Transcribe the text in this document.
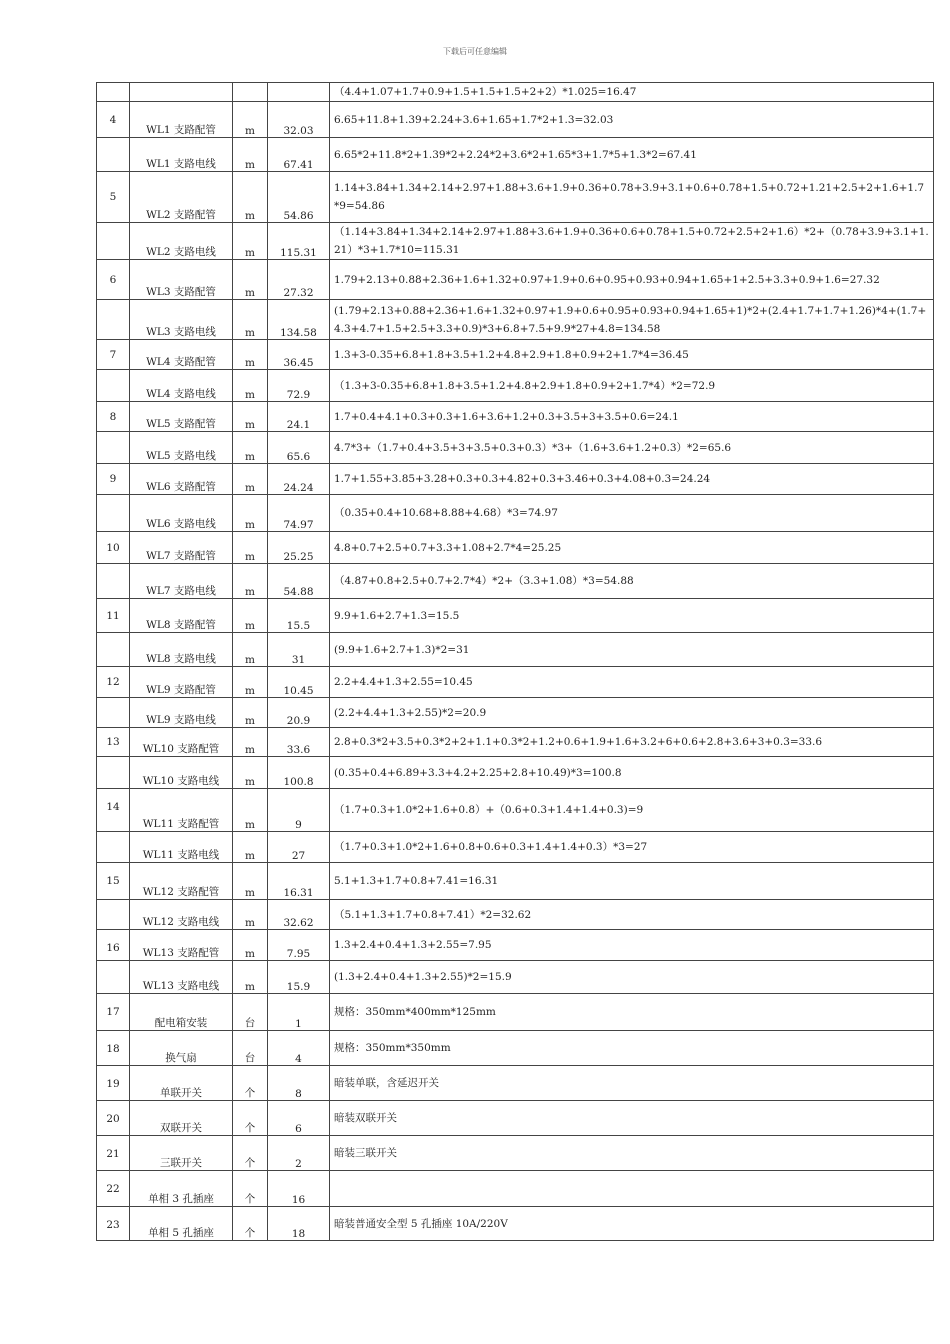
下载后可任意编辑
				（4.4+1.07+1.7+0.9+1.5+1.5+1.5+2+2）*1.025=16.47
4	WL1 支路配管	m	32.03	6.65+11.8+1.39+2.24+3.6+1.65+1.7*2+1.3=32.03
	WL1 支路电线	m	67.41	6.65*2+11.8*2+1.39*2+2.24*2+3.6*2+1.65*3+1.7*5+1.3*2=67.41
5	WL2 支路配管	m	54.86	1.14+3.84+1.34+2.14+2.97+1.88+3.6+1.9+0.36+0.78+3.9+3.1+0.6+0.78+1.5+0.72+1.21+2.5+2+1.6+1.7*9=54.86
	WL2 支路电线	m	115.31	（1.14+3.84+1.34+2.14+2.97+1.88+3.6+1.9+0.36+0.6+0.78+1.5+0.72+2.5+2+1.6）*2+（0.78+3.9+3.1+1.21）*3+1.7*10=115.31
6	WL3 支路配管	m	27.32	1.79+2.13+0.88+2.36+1.6+1.32+0.97+1.9+0.6+0.95+0.93+0.94+1.65+1+2.5+3.3+0.9+1.6=27.32
	WL3 支路电线	m	134.58	(1.79+2.13+0.88+2.36+1.6+1.32+0.97+1.9+0.6+0.95+0.93+0.94+1.65+1)*2+(2.4+1.7+1.7+1.26)*4+(1.7+4.3+4.7+1.5+2.5+3.3+0.9)*3+6.8+7.5+9.9*27+4.8=134.58
7	WL4 支路配管	m	36.45	1.3+3-0.35+6.8+1.8+3.5+1.2+4.8+2.9+1.8+0.9+2+1.7*4=36.45
	WL4 支路电线	m	72.9	（1.3+3-0.35+6.8+1.8+3.5+1.2+4.8+2.9+1.8+0.9+2+1.7*4）*2=72.9
8	WL5 支路配管	m	24.1	1.7+0.4+4.1+0.3+0.3+1.6+3.6+1.2+0.3+3.5+3+3.5+0.6=24.1
	WL5 支路电线	m	65.6	4.7*3+（1.7+0.4+3.5+3+3.5+0.3+0.3）*3+（1.6+3.6+1.2+0.3）*2=65.6
9	WL6 支路配管	m	24.24	1.7+1.55+3.85+3.28+0.3+0.3+4.82+0.3+3.46+0.3+4.08+0.3=24.24
	WL6 支路电线	m	74.97	（0.35+0.4+10.68+8.88+4.68）*3=74.97
10	WL7 支路配管	m	25.25	4.8+0.7+2.5+0.7+3.3+1.08+2.7*4=25.25
	WL7 支路电线	m	54.88	（4.87+0.8+2.5+0.7+2.7*4）*2+（3.3+1.08）*3=54.88
11	WL8 支路配管	m	15.5	9.9+1.6+2.7+1.3=15.5
	WL8 支路电线	m	31	(9.9+1.6+2.7+1.3)*2=31
12	WL9 支路配管	m	10.45	2.2+4.4+1.3+2.55=10.45
	WL9 支路电线	m	20.9	(2.2+4.4+1.3+2.55)*2=20.9
13	WL10 支路配管	m	33.6	2.8+0.3*2+3.5+0.3*2+2+1.1+0.3*2+1.2+0.6+1.9+1.6+3.2+6+0.6+2.8+3.6+3+0.3=33.6
	WL10 支路电线	m	100.8	(0.35+0.4+6.89+3.3+4.2+2.25+2.8+10.49)*3=100.8
14	WL11 支路配管	m	9	（1.7+0.3+1.0*2+1.6+0.8）+（0.6+0.3+1.4+1.4+0.3)=9
	WL11 支路电线	m	27	（1.7+0.3+1.0*2+1.6+0.8+0.6+0.3+1.4+1.4+0.3）*3=27
15	WL12 支路配管	m	16.31	5.1+1.3+1.7+0.8+7.41=16.31
	WL12 支路电线	m	32.62	（5.1+1.3+1.7+0.8+7.41）*2=32.62
16	WL13 支路配管	m	7.95	1.3+2.4+0.4+1.3+2.55=7.95
	WL13 支路电线	m	15.9	(1.3+2.4+0.4+1.3+2.55)*2=15.9
17	配电箱安装	台	1	规格：350mm*400mm*125mm
18	换气扇	台	4	规格：350mm*350mm
19	单联开关	个	8	暗装单联，含延迟开关
20	双联开关	个	6	暗装双联开关
21	三联开关	个	2	暗装三联开关
22	单相 3 孔插座	个	16	
23	单相 5 孔插座	个	18	暗装普通安全型 5 孔插座 10A/220V
